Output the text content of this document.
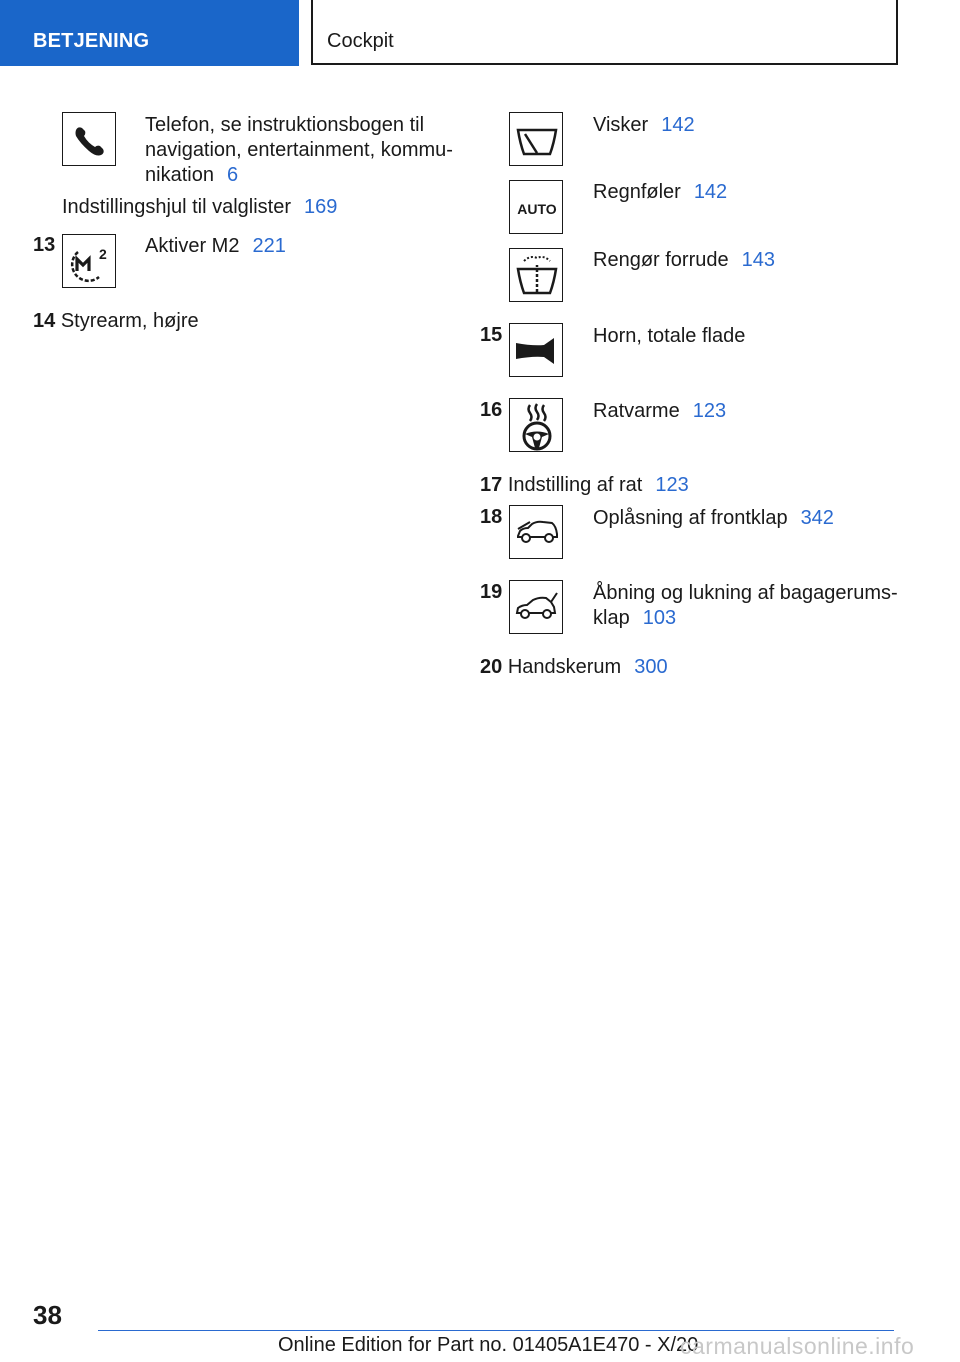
BETJENING	Cockpit
Telefon, se instruktionsbogen til
navigation, entertainment, kommu-
nikation 6
Indstillingshjul til valglister 169
13	2 Aktiver M2 221
14 Styrearm, højre
Visker 142
AUTO
Regnføler 142
Rengør forrude 143
15	Horn, totale flade
16	Ratvarme 123
17 Indstilling af rat 123
18	Oplåsning af frontklap 342
19	Åbning og lukning af bagagerums-
klap 103
20 Handskerum 300
38
Online Edition for Part no. 01405A1E470 - X/20
carmanualsonline.info
